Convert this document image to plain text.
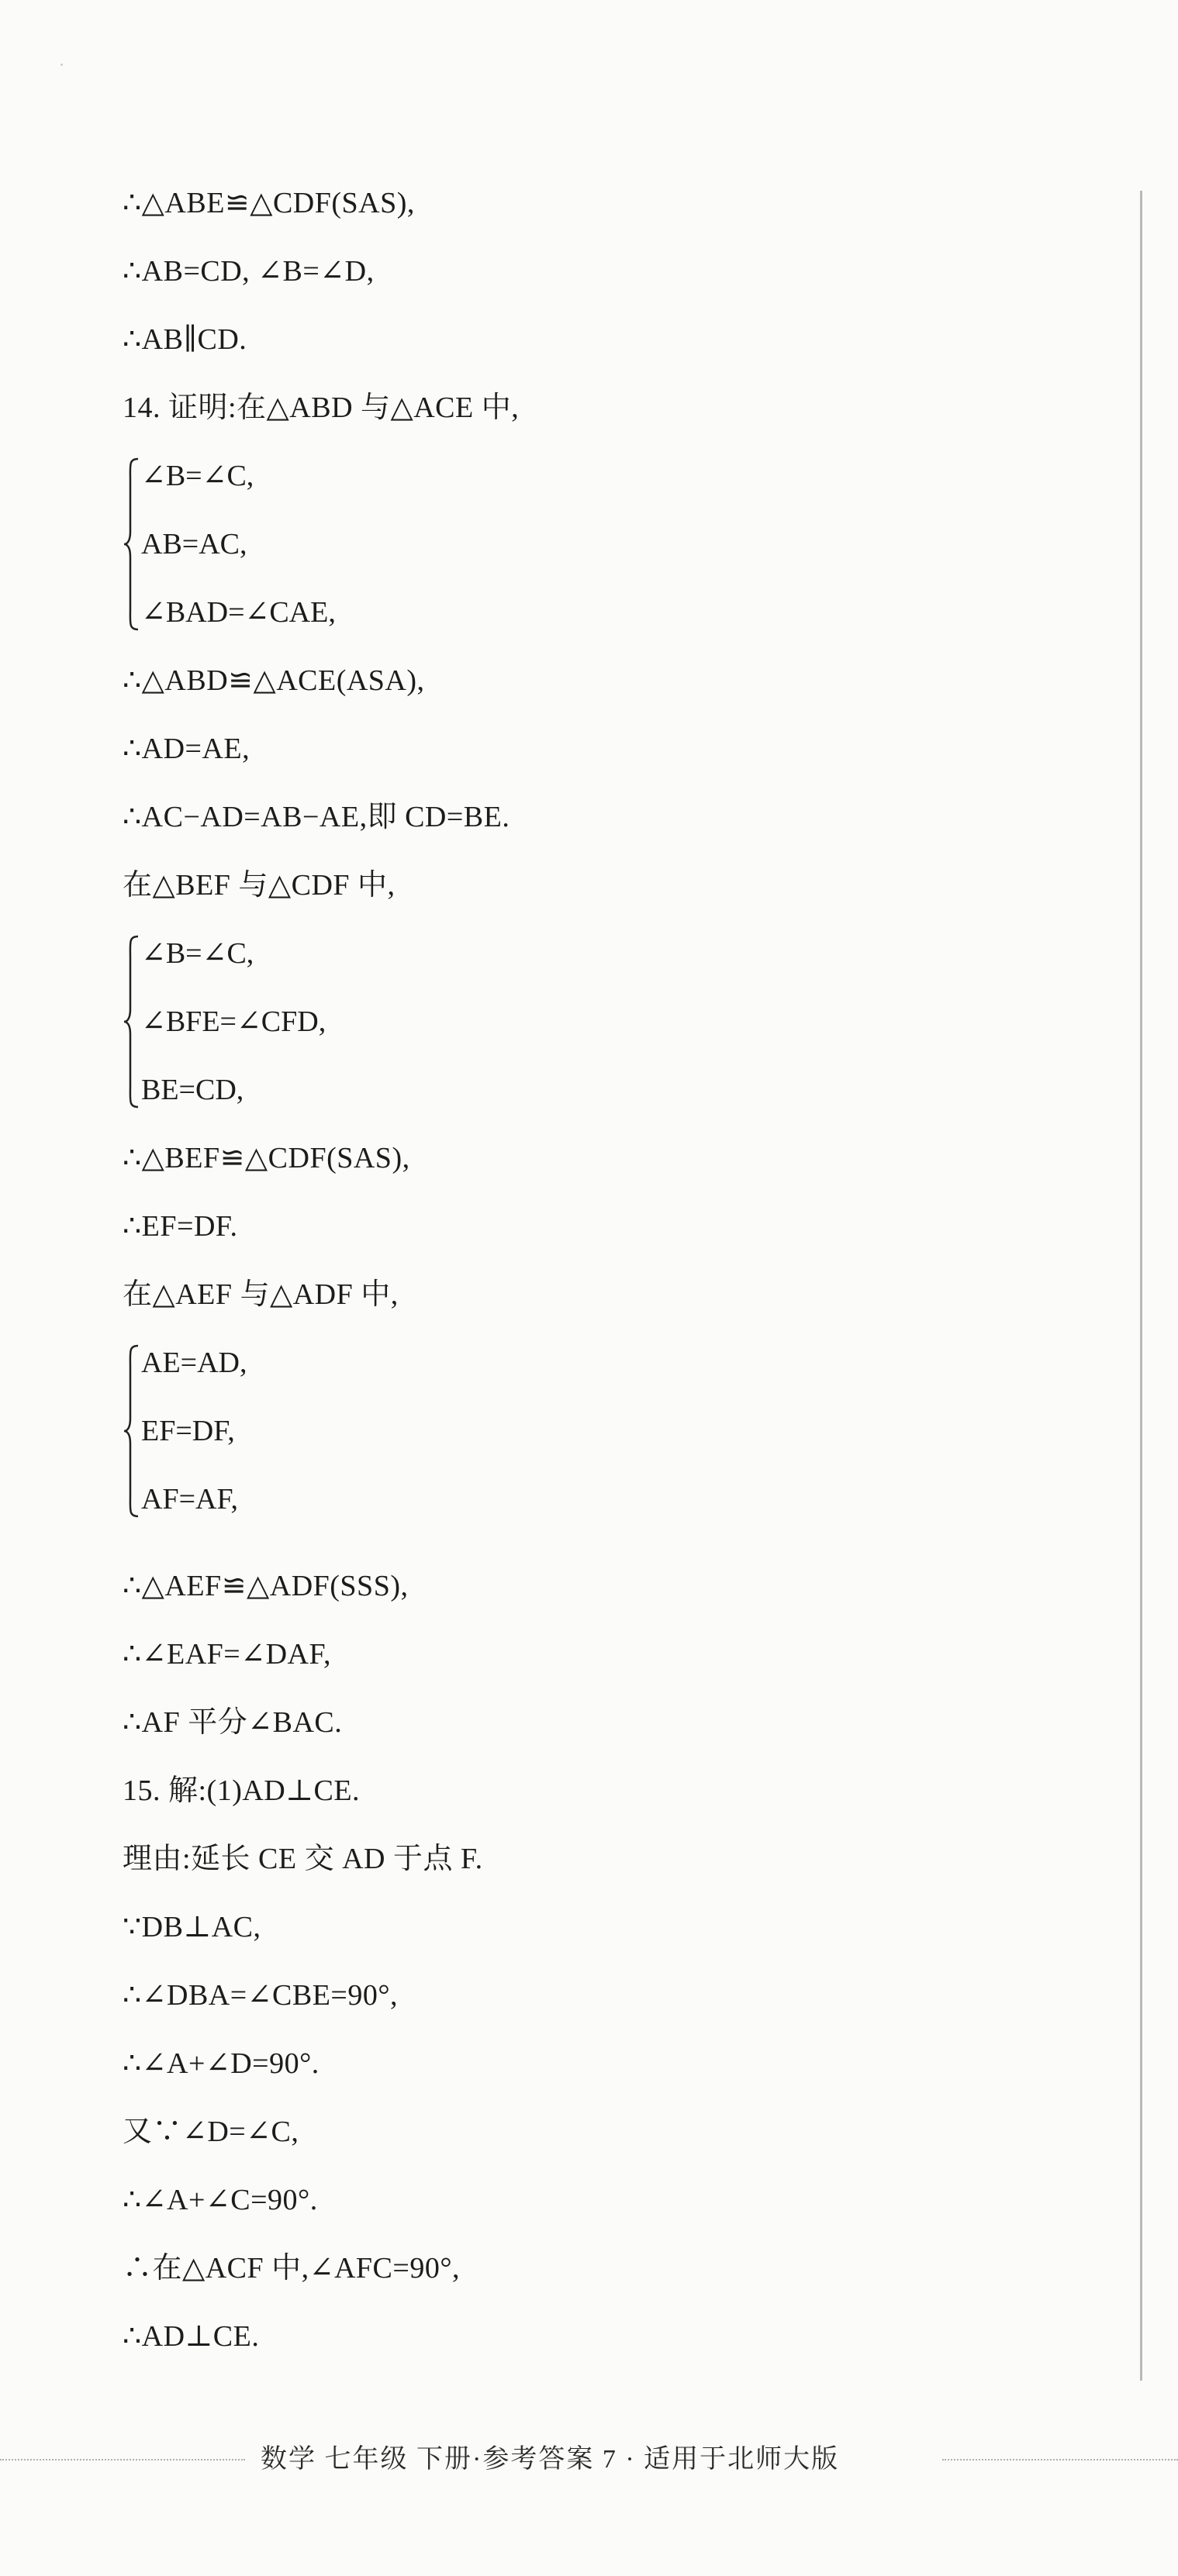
∴△ABE≌△CDF(SAS),
∴AB=CD, ∠B=∠D,
∴AB∥CD.
14. 证明:在△ABD 与△ACE 中,
∠B=∠C,
AB=AC,
∠BAD=∠CAE,
∴△ABD≌△ACE(ASA),
∴AD=AE,
∴AC−AD=AB−AE,即 CD=BE.
在△BEF 与△CDF 中,
∠B=∠C,
∠BFE=∠CFD,
BE=CD,
∴△BEF≌△CDF(SAS),
∴EF=DF.
在△AEF 与△ADF 中,
AE=AD,
EF=DF,
AF=AF,
∴△AEF≌△ADF(SSS),
∴∠EAF=∠DAF,
∴AF 平分∠BAC.
15. 解:(1)AD⊥CE.
理由:延长 CE 交 AD 于点 F.
∵DB⊥AC,
∴∠DBA=∠CBE=90°,
∴∠A+∠D=90°.
又∵∠D=∠C,
∴∠A+∠C=90°.
∴在△ACF 中,∠AFC=90°,
∴AD⊥CE.
数学 七年级 下册·参考答案 7 · 适用于北师大版
